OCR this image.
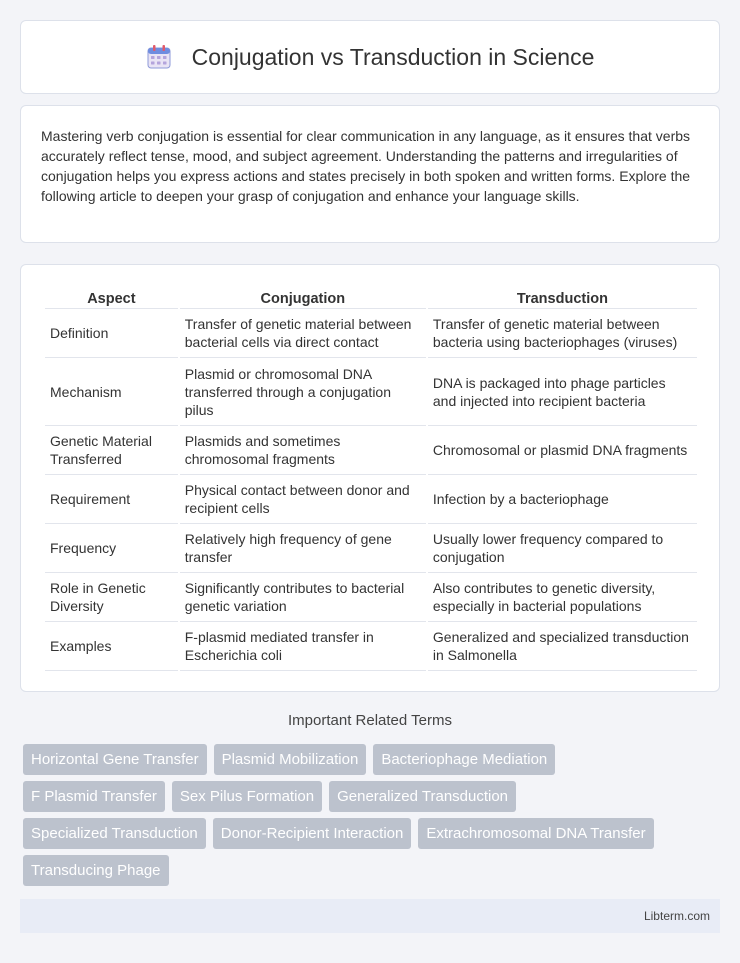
Conjugation vs Transduction in Science

Mastering verb conjugation is essential for clear communication in any language, as it ensures that verbs accurately reflect tense, mood, and subject agreement. Understanding the patterns and irregularities of conjugation helps you express actions and states precisely in both spoken and written forms. Explore the following article to deepen your grasp of conjugation and enhance your language skills.

Aspect	Conjugation	Transduction
Definition	Transfer of genetic material between bacterial cells via direct contact	Transfer of genetic material between bacteria using bacteriophages (viruses)
Mechanism	Plasmid or chromosomal DNA transferred through a conjugation pilus	DNA is packaged into phage particles and injected into recipient bacteria
Genetic Material Transferred	Plasmids and sometimes chromosomal fragments	Chromosomal or plasmid DNA fragments
Requirement	Physical contact between donor and recipient cells	Infection by a bacteriophage
Frequency	Relatively high frequency of gene transfer	Usually lower frequency compared to conjugation
Role in Genetic Diversity	Significantly contributes to bacterial genetic variation	Also contributes to genetic diversity, especially in bacterial populations
Examples	F-plasmid mediated transfer in Escherichia coli	Generalized and specialized transduction in Salmonella
Important Related Terms
Horizontal Gene Transfer	Plasmid Mobilization	Bacteriophage Mediation
F Plasmid Transfer	Sex Pilus Formation	Generalized Transduction
Specialized Transduction	Donor-Recipient Interaction	Extrachromosomal DNA Transfer
Transducing Phage
Libterm.com
